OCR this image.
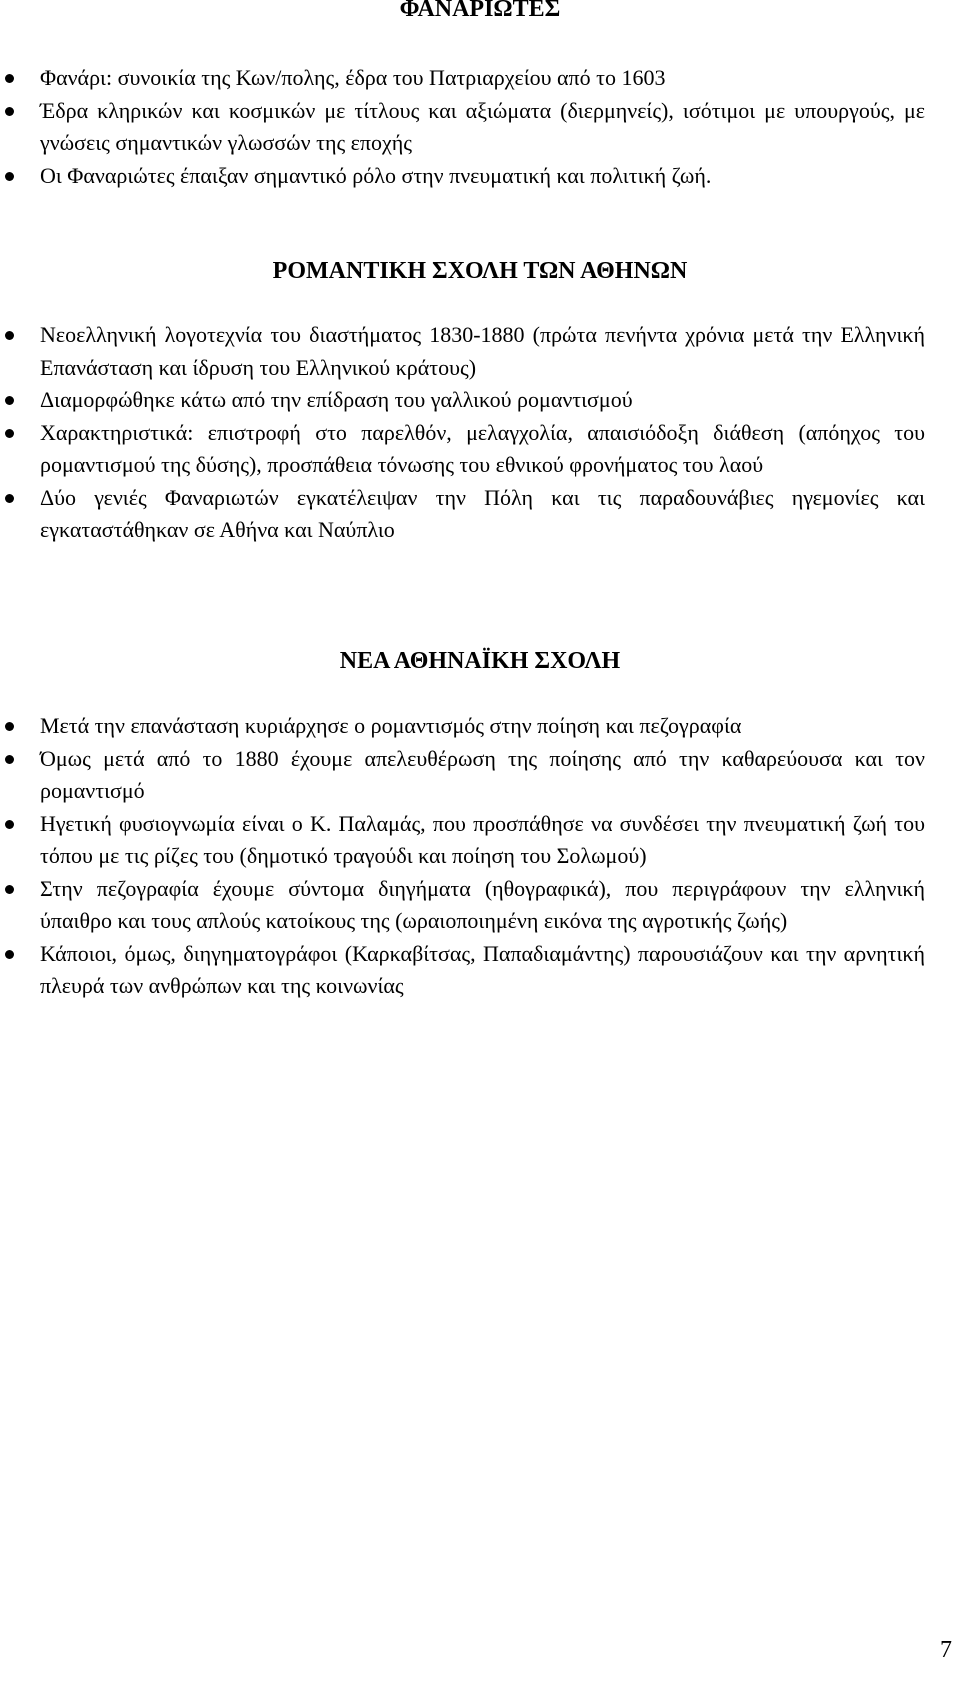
ΦΑΝΑΡΙΩΤΕΣ
Φανάρι: συνοικία της Κων/πολης, έδρα του Πατριαρχείου από το 1603
Έδρα κληρικών και κοσμικών με τίτλους και αξιώματα (διερμηνείς), ισότιμοι με υπουργούς, με γνώσεις σημαντικών γλωσσών της εποχής
Οι Φαναριώτες έπαιξαν σημαντικό ρόλο στην πνευματική και πολιτική ζωή.
ΡΟΜΑΝΤΙΚΗ ΣΧΟΛΗ ΤΩΝ ΑΘΗΝΩΝ
Νεοελληνική λογοτεχνία του διαστήματος 1830-1880 (πρώτα πενήντα χρόνια μετά την Ελληνική Επανάσταση και ίδρυση του Ελληνικού κράτους)
Διαμορφώθηκε κάτω από την επίδραση του γαλλικού ρομαντισμού
Χαρακτηριστικά: επιστροφή στο παρελθόν, μελαγχολία, απαισιόδοξη διάθεση (απόηχος του ρομαντισμού της δύσης), προσπάθεια τόνωσης του εθνικού φρονήματος του λαού
Δύο γενιές Φαναριωτών εγκατέλειψαν την Πόλη και τις παραδουνάβιες ηγεμονίες και εγκαταστάθηκαν σε Αθήνα και Ναύπλιο
ΝΕΑ ΑΘΗΝΑΪΚΗ ΣΧΟΛΗ
Μετά την επανάσταση κυριάρχησε ο ρομαντισμός στην ποίηση και πεζογραφία
Όμως μετά από το 1880 έχουμε απελευθέρωση της ποίησης από την καθαρεύουσα και τον ρομαντισμό
Ηγετική φυσιογνωμία είναι ο Κ. Παλαμάς, που προσπάθησε να συνδέσει την πνευματική ζωή του τόπου με τις ρίζες του (δημοτικό τραγούδι και ποίηση του Σολωμού)
Στην πεζογραφία έχουμε σύντομα διηγήματα (ηθογραφικά), που περιγράφουν την ελληνική ύπαιθρο και τους απλούς κατοίκους της (ωραιοποιημένη εικόνα της αγροτικής ζωής)
Κάποιοι, όμως, διηγηματογράφοι (Καρκαβίτσας, Παπαδιαμάντης) παρουσιάζουν και την αρνητική πλευρά των ανθρώπων και της κοινωνίας
7
